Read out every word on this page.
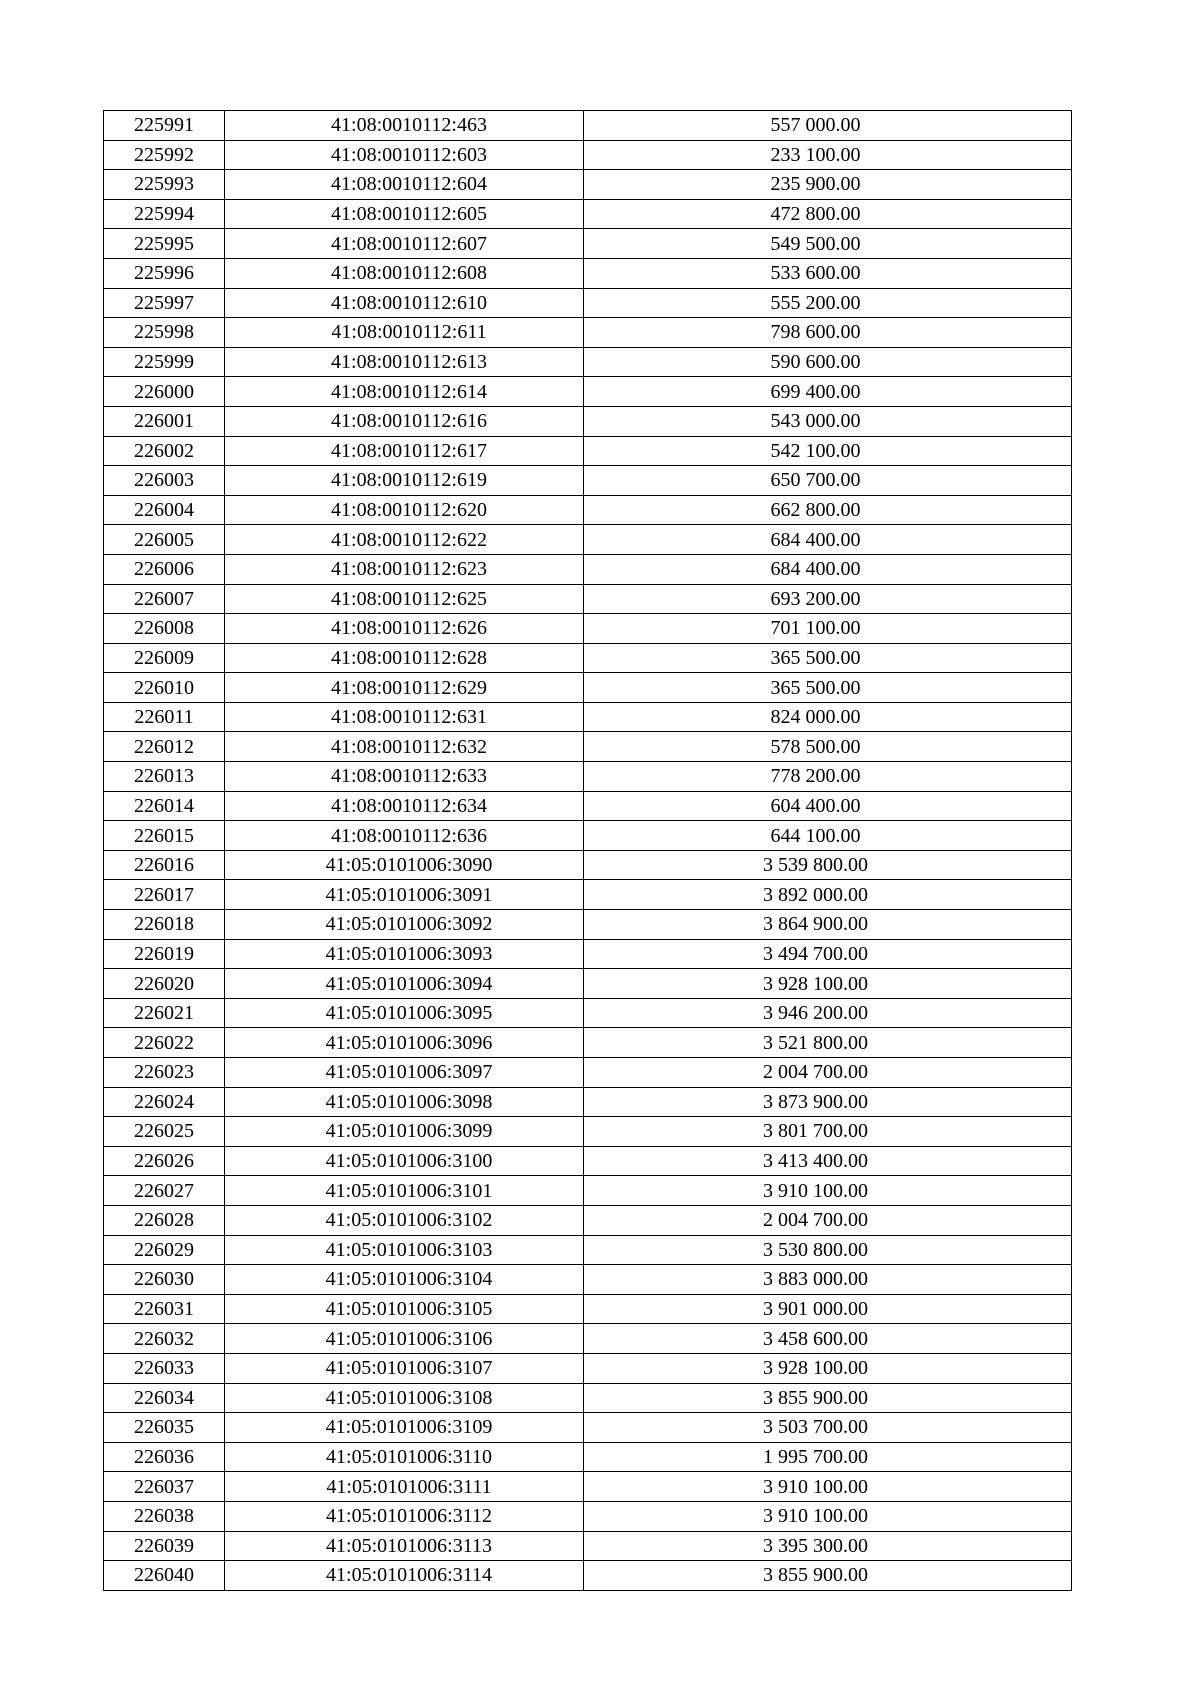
225991	41:08:0010112:463	557 000.00
225992	41:08:0010112:603	233 100.00
225993	41:08:0010112:604	235 900.00
225994	41:08:0010112:605	472 800.00
225995	41:08:0010112:607	549 500.00
225996	41:08:0010112:608	533 600.00
225997	41:08:0010112:610	555 200.00
225998	41:08:0010112:611	798 600.00
225999	41:08:0010112:613	590 600.00
226000	41:08:0010112:614	699 400.00
226001	41:08:0010112:616	543 000.00
226002	41:08:0010112:617	542 100.00
226003	41:08:0010112:619	650 700.00
226004	41:08:0010112:620	662 800.00
226005	41:08:0010112:622	684 400.00
226006	41:08:0010112:623	684 400.00
226007	41:08:0010112:625	693 200.00
226008	41:08:0010112:626	701 100.00
226009	41:08:0010112:628	365 500.00
226010	41:08:0010112:629	365 500.00
226011	41:08:0010112:631	824 000.00
226012	41:08:0010112:632	578 500.00
226013	41:08:0010112:633	778 200.00
226014	41:08:0010112:634	604 400.00
226015	41:08:0010112:636	644 100.00
226016	41:05:0101006:3090	3 539 800.00
226017	41:05:0101006:3091	3 892 000.00
226018	41:05:0101006:3092	3 864 900.00
226019	41:05:0101006:3093	3 494 700.00
226020	41:05:0101006:3094	3 928 100.00
226021	41:05:0101006:3095	3 946 200.00
226022	41:05:0101006:3096	3 521 800.00
226023	41:05:0101006:3097	2 004 700.00
226024	41:05:0101006:3098	3 873 900.00
226025	41:05:0101006:3099	3 801 700.00
226026	41:05:0101006:3100	3 413 400.00
226027	41:05:0101006:3101	3 910 100.00
226028	41:05:0101006:3102	2 004 700.00
226029	41:05:0101006:3103	3 530 800.00
226030	41:05:0101006:3104	3 883 000.00
226031	41:05:0101006:3105	3 901 000.00
226032	41:05:0101006:3106	3 458 600.00
226033	41:05:0101006:3107	3 928 100.00
226034	41:05:0101006:3108	3 855 900.00
226035	41:05:0101006:3109	3 503 700.00
226036	41:05:0101006:3110	1 995 700.00
226037	41:05:0101006:3111	3 910 100.00
226038	41:05:0101006:3112	3 910 100.00
226039	41:05:0101006:3113	3 395 300.00
226040	41:05:0101006:3114	3 855 900.00
